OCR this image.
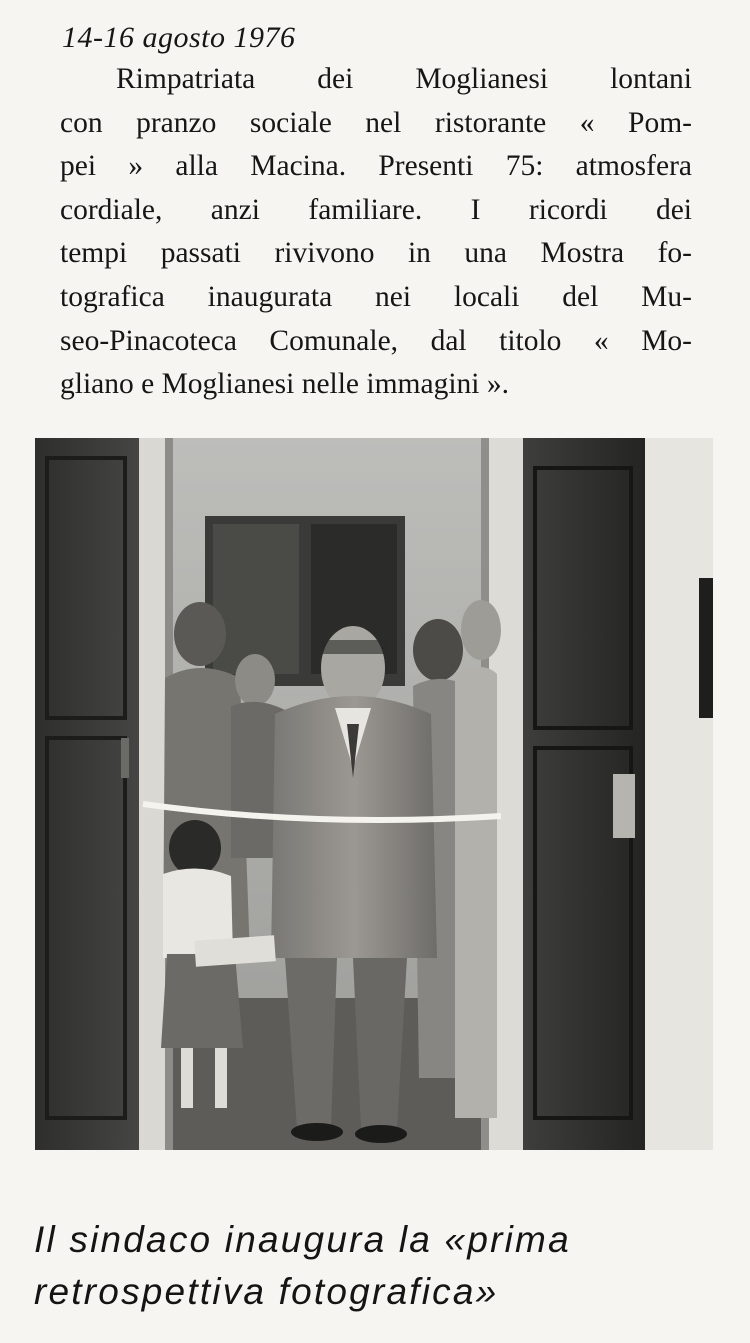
14-16 agosto 1976
Rimpatriata dei Moglianesi lontani
con pranzo sociale nel ristorante « Pom-
pei » alla Macina. Presenti 75: atmosfera
cordiale, anzi familiare. I ricordi dei
tempi passati rivivono in una Mostra fo-
tografica inaugurata nei locali del Mu-
seo-Pinacoteca Comunale, dal titolo « Mo-
gliano e Moglianesi nelle immagini ».
Il sindaco inaugura la «prima
retrospettiva fotografica»
